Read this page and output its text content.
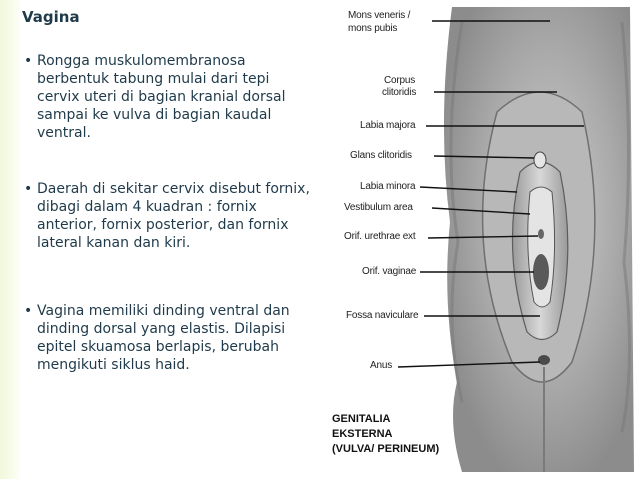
Vagina
• Rongga muskulomembranosa berbentuk tabung mulai dari tepi cervix uteri di bagian kranial dorsal sampai ke vulva di bagian kaudal ventral.
• Daerah di sekitar cervix disebut fornix, dibagi dalam 4 kuadran : fornix anterior, fornix posterior, dan fornix lateral kanan dan kiri.
• Vagina memiliki dinding ventral dan dinding dorsal yang elastis. Dilapisi epitel skuamosa berlapis, berubah mengikuti siklus haid.
Mons veneris /
mons pubis
Corpus
clitoridis
Labia majora
Glans clitoridis
Labia minora
Vestibulum area
Orif. urethrae ext
Orif. vaginae
Fossa naviculare
Anus
GENITALIA
EKSTERNA
(VULVA/ PERINEUM)
